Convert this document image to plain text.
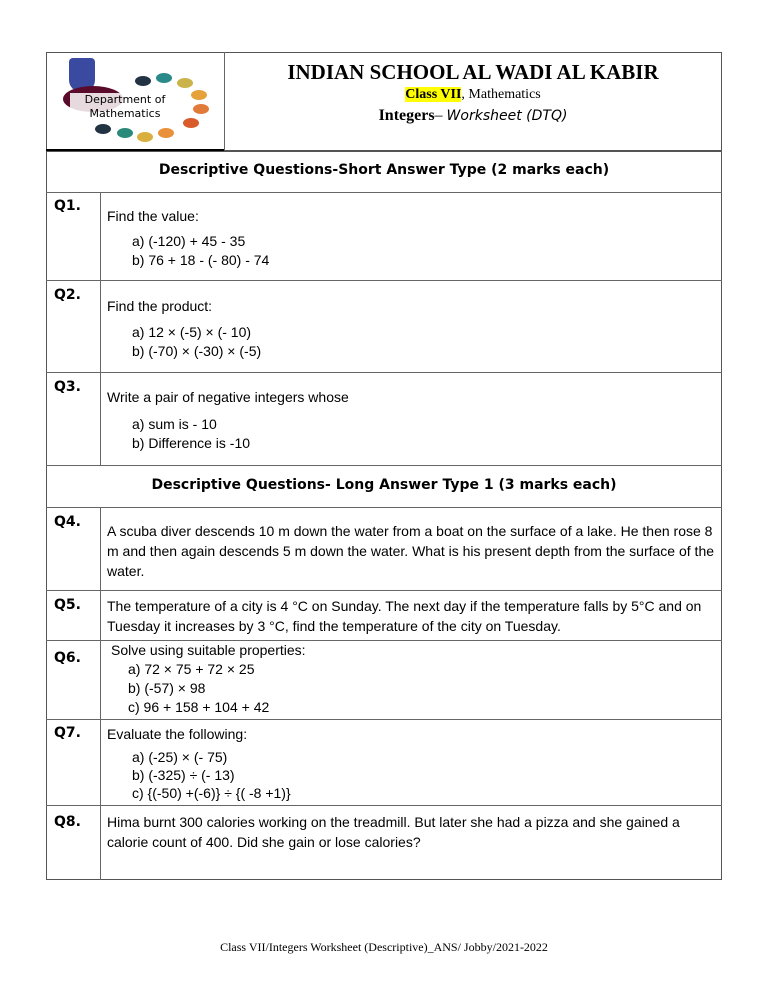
Department of Mathematics
INDIAN SCHOOL AL WADI AL KABIR
Class VII, Mathematics
Integers– Worksheet (DTQ)
Descriptive Questions-Short Answer Type (2 marks each)
Descriptive Questions- Long Answer Type 1 (3 marks each)
Q1.
Find the value:
a) (-120) + 45 - 35
b) 76 + 18 - (- 80) - 74
Q2.
Find the product:
a) 12 × (-5) × (- 10)
b) (-70) × (-30) × (-5)
Q3.
Write a pair of negative integers whose
a) sum is - 10
b) Difference is -10
Q4.
A scuba diver descends 10 m down the water from a boat on the surface of a lake. He then rose 8 m and then again descends 5 m down the water. What is his present depth from the surface of the water.
Q5. The temperature of a city is 4 °C on Sunday. The next day if the temperature falls by 5°C and on Tuesday it increases by 3 °C, find the temperature of the city on Tuesday.
Q6. Solve using suitable properties:
a) 72 × 75 + 72 × 25
b) (-57) × 98
c) 96 + 158 + 104 + 42
Q7. Evaluate the following:
a) (-25) × (- 75)
b) (-325) ÷ (- 13)
c) {(-50) +(-6)} ÷ {( -8 +1)}
Q8. Hima burnt 300 calories working on the treadmill. But later she had a pizza and she gained a calorie count of 400. Did she gain or lose calories?
Class VII/Integers Worksheet (Descriptive)_ANS/ Jobby/2021-2022
